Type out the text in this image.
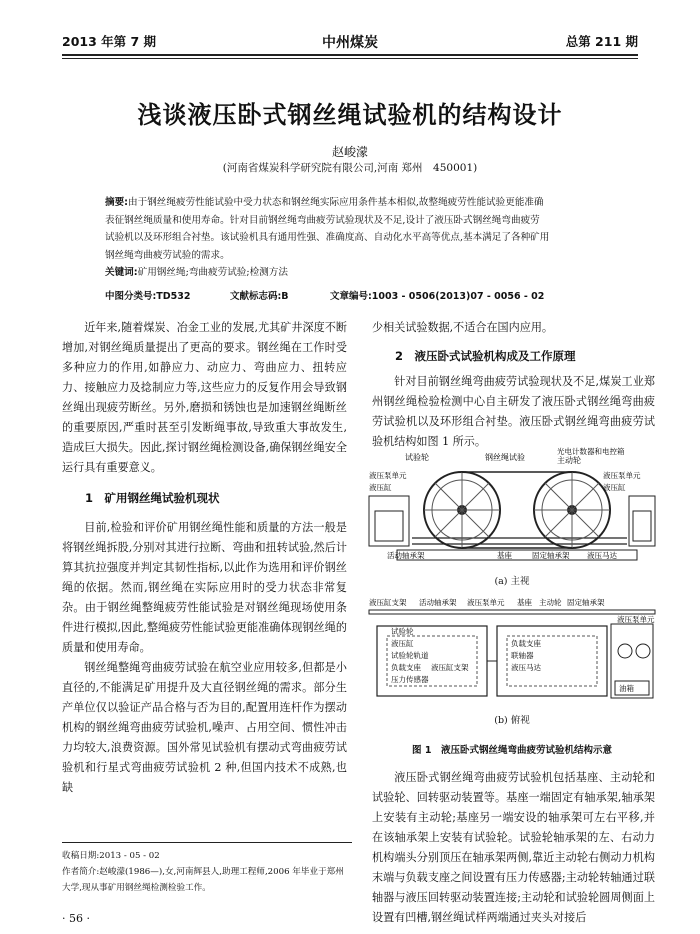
2013 年第 7 期	中州煤炭	总第 211 期
浅谈液压卧式钢丝绳试验机的结构设计
赵峻濛
(河南省煤炭科学研究院有限公司,河南 郑州　450001)
摘要:由于钢丝绳疲劳性能试验中受力状态和钢丝绳实际应用条件基本相似,故整绳疲劳性能试验更能准确
表征钢丝绳质量和使用寿命。针对目前钢丝绳弯曲疲劳试验现状及不足,设计了液压卧式钢丝绳弯曲疲劳
试验机以及环形组合衬垫。该试验机具有通用性强、准确度高、自动化水平高等优点,基本满足了各种矿用
钢丝绳弯曲疲劳试验的需求。
关键词:矿用钢丝绳;弯曲疲劳试验;检测方法
中图分类号:TD532	文献标志码:B	文章编号:1003 - 0506(2013)07 - 0056 - 02

近年来,随着煤炭、冶金工业的发展,尤其矿井深度不断增加,对钢丝绳质量提出了更高的要求。钢丝绳在工作时受多种应力的作用,如静应力、动应力、弯曲应力、扭转应力、接触应力及捻制应力等,这些应力的反复作用会导致钢丝绳出现疲劳断丝。另外,磨损和锈蚀也是加速钢丝绳断丝的重要原因,严重时甚至引发断绳事故,导致重大事故发生,造成巨大损失。因此,探讨钢丝绳检测设备,确保钢丝绳安全运行具有重要意义。

1　矿用钢丝绳试验机现状

目前,检验和评价矿用钢丝绳性能和质量的方法一般是将钢丝绳拆股,分别对其进行拉断、弯曲和扭转试验,然后计算其抗拉强度并判定其韧性指标,以此作为选用和评价钢丝绳的依据。然而,钢丝绳在实际应用时的受力状态非常复杂。由于钢丝绳整绳疲劳性能试验是对钢丝绳现场使用条件进行模拟,因此,整绳疲劳性能试验更能准确体现钢丝绳的质量和使用寿命。

钢丝绳整绳弯曲疲劳试验在航空业应用较多,但都是小直径的,不能满足矿用提升及大直径钢丝绳的需求。部分生产单位仅以验证产品合格与否为目的,配置用连杆作为摆动机构的钢丝绳弯曲疲劳试验机,噪声、占用空间、惯性冲击力均较大,浪费资源。国外常见试验机有摆动式弯曲疲劳试验机和行星式弯曲疲劳试验机 2 种,但国内技术不成熟,也缺

少相关试验数据,不适合在国内应用。

2　液压卧式试验机构成及工作原理

针对目前钢丝绳弯曲疲劳试验现状及不足,煤炭工业郑州钢丝绳检验检测中心自主研发了液压卧式钢丝绳弯曲疲劳试验机以及环形组合衬垫。液压卧式钢丝绳弯曲疲劳试验机结构如图 1 所示。

试验轮	钢丝绳试验
光电计数器和电控箱
主动轮
液压泵单元
液压缸
液压泵单元
液压缸
活动轴承架	基座	固定轴承架 液压马达
(a) 主视
液压缸支架 活动轴承架 液压泵单元 基座 主动轮 固定轴承架
液压泵单元
试验轮
液压缸
试验轮轨道
负载支座 液压缸支架
压力传感器
负载支座
联轴器
液压马达
油箱
(b) 俯视
图 1　液压卧式钢丝绳弯曲疲劳试验机结构示意

液压卧式钢丝绳弯曲疲劳试验机包括基座、主动轮和试验轮、回转驱动装置等。基座一端固定有轴承架,轴承架上安装有主动轮;基座另一端安设的轴承架可左右平移,并在该轴承架上安装有试验轮。试验轮轴承架的左、右动力机构端头分别顶压在轴承架两侧,靠近主动轮右侧动力机构末端与负载支座之间设置有压力传感器;主动轮转轴通过联轴器与液压回转驱动装置连接;主动轮和试验轮圆周侧面上设置有凹槽,钢丝绳试样两端通过夹头对接后

收稿日期:2013 - 05 - 02
作者简介:赵峻濛(1986—),女,河南辉县人,助理工程师,2006 年毕业于郑州大学,现从事矿用钢丝绳检测检验工作。
· 56 ·
